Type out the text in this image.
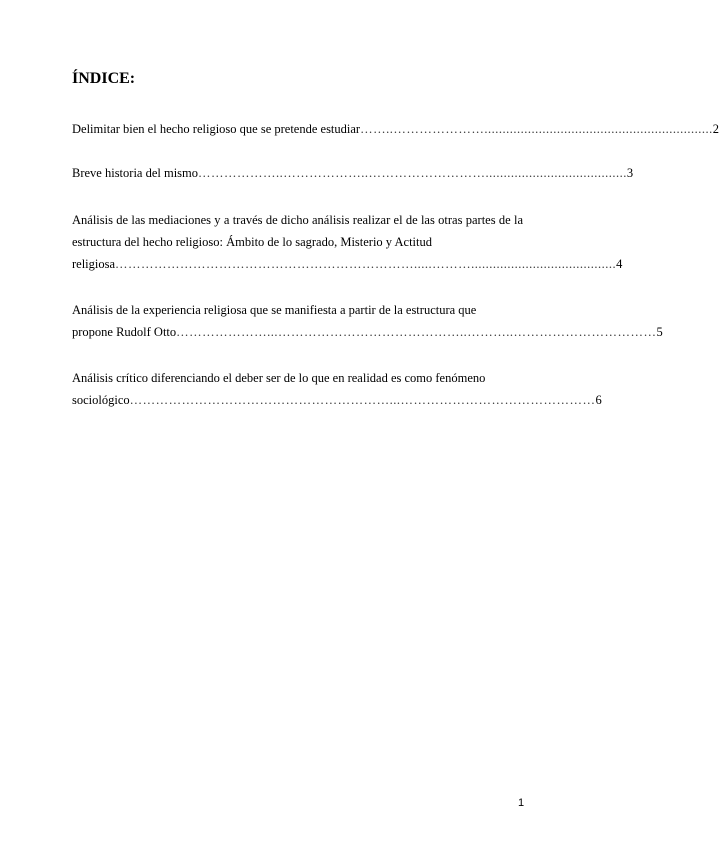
ÍNDICE:
Delimitar bien el hecho religioso que se pretende estudiar ……..…………………............................................................... 2
Breve historia del mismo ………………..………………..………………………....................................... 3
Análisis de las mediaciones y a través de dicho análisis realizar el de las otras partes de la estructura del hecho religioso: Ámbito de lo sagrado, Misterio y Actitud
religiosa …………………………………………………………….....………........................................ 4
Análisis de la experiencia religiosa que se manifiesta a partir de la estructura que
propone Rudolf Otto …………………...……………………………………..………..…………………………… 5
Análisis crítico diferenciando el deber ser de lo que en realidad es como fenómeno
sociológico ……………………………………………………...……………………………………… 6
1
